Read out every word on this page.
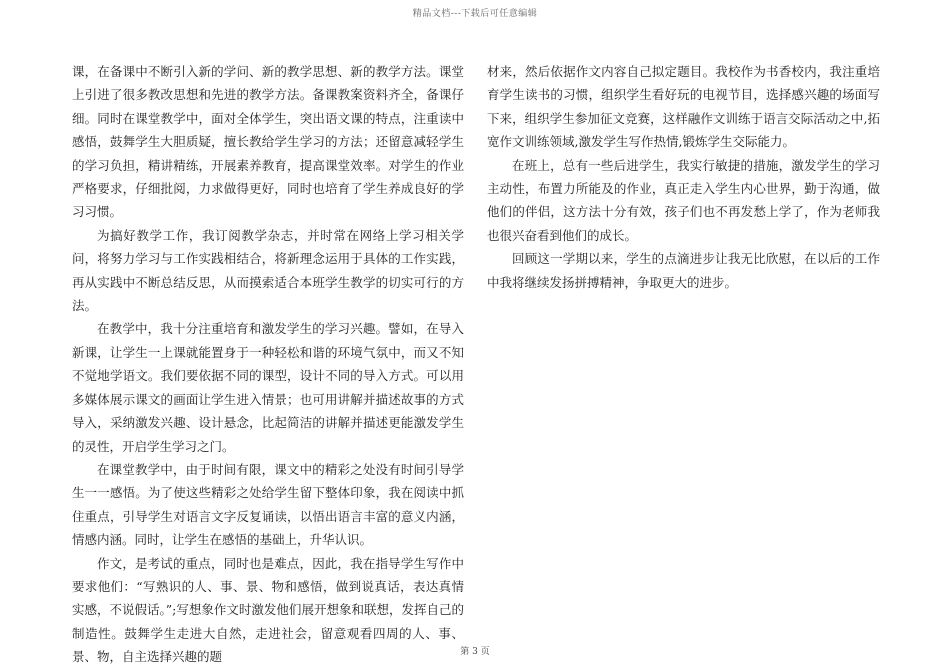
精品文档---下载后可任意编辑

课，在备课中不断引入新的学问、新的教学思想、新的教学方法。课堂上引进了很多教改思想和先进的教学方法。备课教案资料齐全，备课仔细。同时在课堂教学中，面对全体学生，突出语文课的特点，注重读中感悟，鼓舞学生大胆质疑，擅长教给学生学习的方法；还留意减轻学生的学习负担，精讲精练，开展素养教育，提高课堂效率。对学生的作业严格要求，仔细批阅，力求做得更好，同时也培育了学生养成良好的学习习惯。

为搞好教学工作，我订阅教学杂志，并时常在网络上学习相关学问，将努力学习与工作实践相结合，将新理念运用于具体的工作实践，再从实践中不断总结反思，从而摸索适合本班学生教学的切实可行的方法。

在教学中，我十分注重培育和激发学生的学习兴趣。譬如，在导入新课，让学生一上课就能置身于一种轻松和谐的环境气氛中，而又不知不觉地学语文。我们要依据不同的课型，设计不同的导入方式。可以用多媒体展示课文的画面让学生进入情景；也可用讲解并描述故事的方式导入，采纳激发兴趣、设计悬念，比起简洁的讲解并描述更能激发学生的灵性，开启学生学习之门。

在课堂教学中，由于时间有限，课文中的精彩之处没有时间引导学生一一感悟。为了使这些精彩之处给学生留下整体印象，我在阅读中抓住重点，引导学生对语言文字反复诵读，以悟出语言丰富的意义内涵，情感内涵。同时，让学生在感悟的基础上，升华认识。

作文，是考试的重点，同时也是难点，因此，我在指导学生写作中要求他们：“写熟识的人、事、景、物和感悟，做到说真话，表达真情实感，不说假话。”;写想象作文时激发他们展开想象和联想，发挥自己的制造性。鼓舞学生走进大自然，走进社会，留意观看四周的人、事、景、物，自主选择兴趣的题

材来，然后依据作文内容自己拟定题目。我校作为书香校内，我注重培育学生读书的习惯，组织学生看好玩的电视节目，选择感兴趣的场面写下来，组织学生参加征文竞赛，这样融作文训练于语言交际活动之中,拓宽作文训练领域,激发学生写作热情,锻炼学生交际能力。

在班上，总有一些后进学生，我实行敏捷的措施，激发学生的学习主动性，布置力所能及的作业，真正走入学生内心世界，勤于沟通，做他们的伴侣，这方法十分有效，孩子们也不再发愁上学了，作为老师我也很兴奋看到他们的成长。

回顾这一学期以来，学生的点滴进步让我无比欣慰，在以后的工作中我将继续发扬拼搏精神，争取更大的进步。

第 3 页
